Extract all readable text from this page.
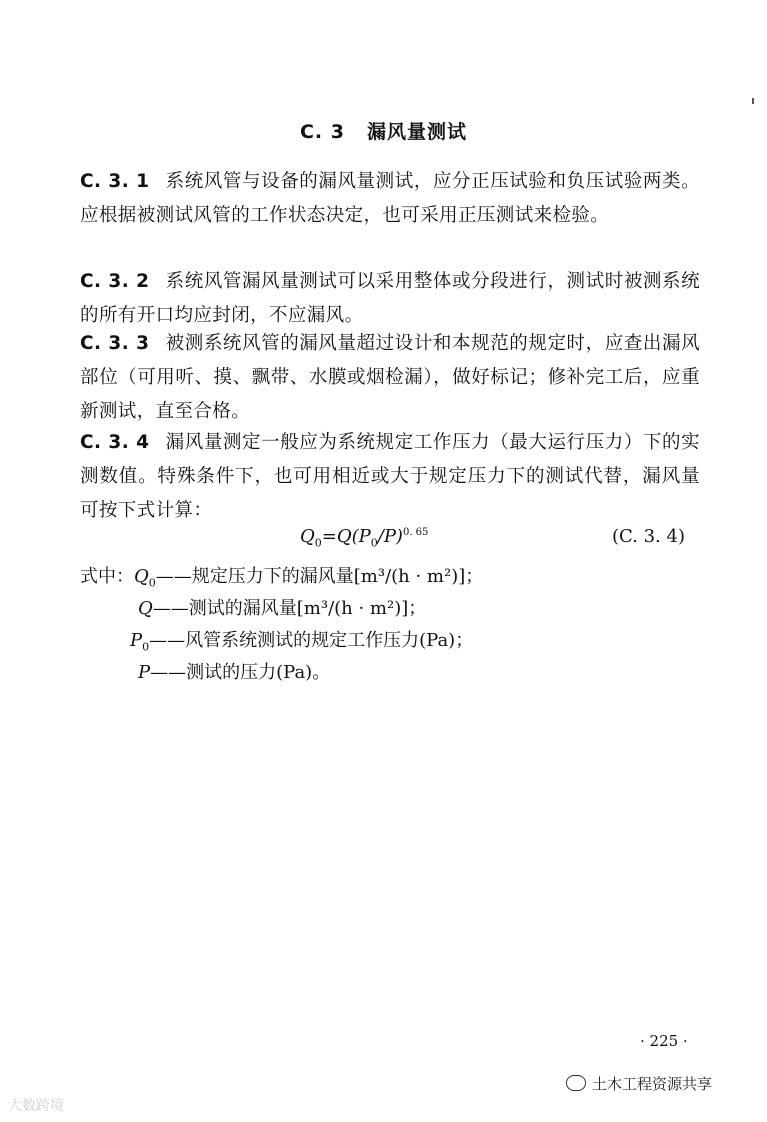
C. 3 漏风量测试
C. 3. 1 系统风管与设备的漏风量测试，应分正压试验和负压试验两类。应根据被测试风管的工作状态决定，也可采用正压测试来检验。
C. 3. 2 系统风管漏风量测试可以采用整体或分段进行，测试时被测系统的所有开口均应封闭，不应漏风。
C. 3. 3 被测系统风管的漏风量超过设计和本规范的规定时，应查出漏风部位（可用听、摸、飘带、水膜或烟检漏），做好标记；修补完工后，应重新测试，直至合格。
C. 3. 4 漏风量测定一般应为系统规定工作压力（最大运行压力）下的实测数值。特殊条件下，也可用相近或大于规定压力下的测试代替，漏风量可按下式计算：
$Q_0=Q(P_0/P)^{0. 65}$	(C. 3. 4)
式中：$Q_0——$规定压力下的漏风量[m³/(h · m²)]；
Q——测试的漏风量[m³/(h · m²)]；
$P_0——$风管系统测试的规定工作压力(Pa)；
P——测试的压力(Pa)。
· 225 ·
土木工程资源共享
大数跨境
